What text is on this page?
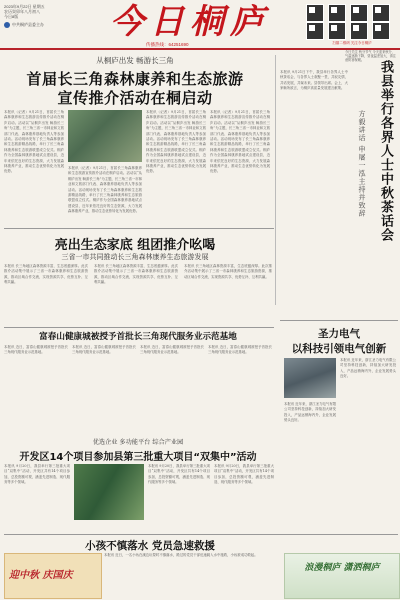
2023年9月22日 星期五
农历癸卯年八月初八
今日8版
中共桐庐县委主办 今日桐庐
传播热线：64251690	扫描二维码 关注今日桐庐
今日关注 秋分节气 今天迎来秋分，气温逐渐下降，昼夜温差加大，请注意防寒保暖。
从桐庐出发 畅游长三角
首届长三角森林康养和生态旅游
宣传推介活动在桐启动
本报讯（记者）9月21日，首届长三角森林康养和生态旅游宣传推介活动在桐庐启动。活动以“从桐庐出发 畅游长三角”为主题，长三角三省一市林业和文旅部门代表、森林康养基地负责人等参加活动。活动现场发布了长三角森林康养和生态旅游精品线路，举行了长三角森林康养和生态旅游联盟成立仪式。桐庐作为全国森林康养基地试点建设县，近年来依托良好的生态资源，大力发展森林康养产业，推动生态优势转化为发展优势。
本报讯（记者）9月21日，首届长三角森林康养和生态旅游宣传推介活动在桐庐启动。活动以“从桐庐出发 畅游长三角”为主题，长三角三省一市林业和文旅部门代表、森林康养基地负责人等参加活动。活动现场发布了长三角森林康养和生态旅游精品线路，举行了长三角森林康养和生态旅游联盟成立仪式。桐庐作为全国森林康养基地试点建设县，近年来依托良好的生态资源，大力发展森林康养产业，推动生态优势转化为发展优势。
本报讯（记者）9月21日，首届长三角森林康养和生态旅游宣传推介活动在桐庐启动。活动以“从桐庐出发 畅游长三角”为主题，长三角三省一市林业和文旅部门代表、森林康养基地负责人等参加活动。活动现场发布了长三角森林康养和生态旅游精品线路，举行了长三角森林康养和生态旅游联盟成立仪式。桐庐作为全国森林康养基地试点建设县，近年来依托良好的生态资源，大力发展森林康养产业，推动生态优势转化为发展优势。
本报讯（记者）9月21日，首届长三角森林康养和生态旅游宣传推介活动在桐庐启动。活动以“从桐庐出发 畅游长三角”为主题，长三角三省一市林业和文旅部门代表、森林康养基地负责人等参加活动。活动现场发布了长三角森林康养和生态旅游精品线路，举行了长三角森林康养和生态旅游联盟成立仪式。桐庐作为全国森林康养基地试点建设县，近年来依托良好的生态资源，大力发展森林康养产业，推动生态优势转化为发展优势。
本报讯 9月21日下午，我县举行各界人士中秋茶话会，与各界人士欢聚一堂，共叙友情，共话发展，共谋未来。县领导出席。会上，大家畅所欲言，为桐庐高质量发展建言献策。	我县举行各界人士中秋茶话会
方毅讲话 申屠一泓主持并致辞
亮出生态家底 组团推介吆喝
三省一市共同推动长三角森林康养生态旅游发展
本报讯 长三角地区森林资源丰富，生态底蕴深厚。此次推介活动集中展示了三省一市森林康养和生态旅游资源，推动区域合作交流，实现资源共享、优势互补、互利共赢。
本报讯 长三角地区森林资源丰富，生态底蕴深厚。此次推介活动集中展示了三省一市森林康养和生态旅游资源，推动区域合作交流，实现资源共享、优势互补、互利共赢。
本报讯 长三角地区森林资源丰富，生态底蕴深厚。此次推介活动集中展示了三省一市森林康养和生态旅游资源，推动区域合作交流，实现资源共享、优势互补、互利共赢。
圣力电气
以科技引领电气创新
本报讯 近年来，浙江圣力电气有限公司坚持科技创新，持续加大研发投入，产品远销海内外，企业发展势头良好。
本报讯 近年来，浙江圣力电气有限公司坚持科技创新，持续加大研发投入，产品远销海内外，企业发展势头良好。
富春山健康城被授予首批长三角现代服务业示范基地
本报讯 近日，富春山健康城被授予首批长三角现代服务业示范基地。
本报讯 近日，富春山健康城被授予首批长三角现代服务业示范基地。
本报讯 近日，富春山健康城被授予首批长三角现代服务业示范基地。
本报讯 近日，富春山健康城被授予首批长三角现代服务业示范基地。
优选企业 多功能平台 综合产业园
开发区14个项目参加县第三批重大项目“双集中”活动
本报讯 9月20日，我县举行第三批重大项目“双集中”活动，开发区共有14个项目参加，总投资额可观，涵盖先进制造、现代服务等多个领域。
本报讯 9月20日，我县举行第三批重大项目“双集中”活动，开发区共有14个项目参加，总投资额可观，涵盖先进制造、现代服务等多个领域。
本报讯 9月20日，我县举行第三批重大项目“双集中”活动，开发区共有14个项目参加，总投资额可观，涵盖先进制造、现代服务等多个领域。
小孩不慎落水 党员急速救援
迎中秋 庆国庆
本报讯 近日，一名小孩在溪边玩耍时不慎落水，路过的党员干部迅速跳入水中施救，小孩被成功救起。
浪漫桐庐 潇洒桐庐
